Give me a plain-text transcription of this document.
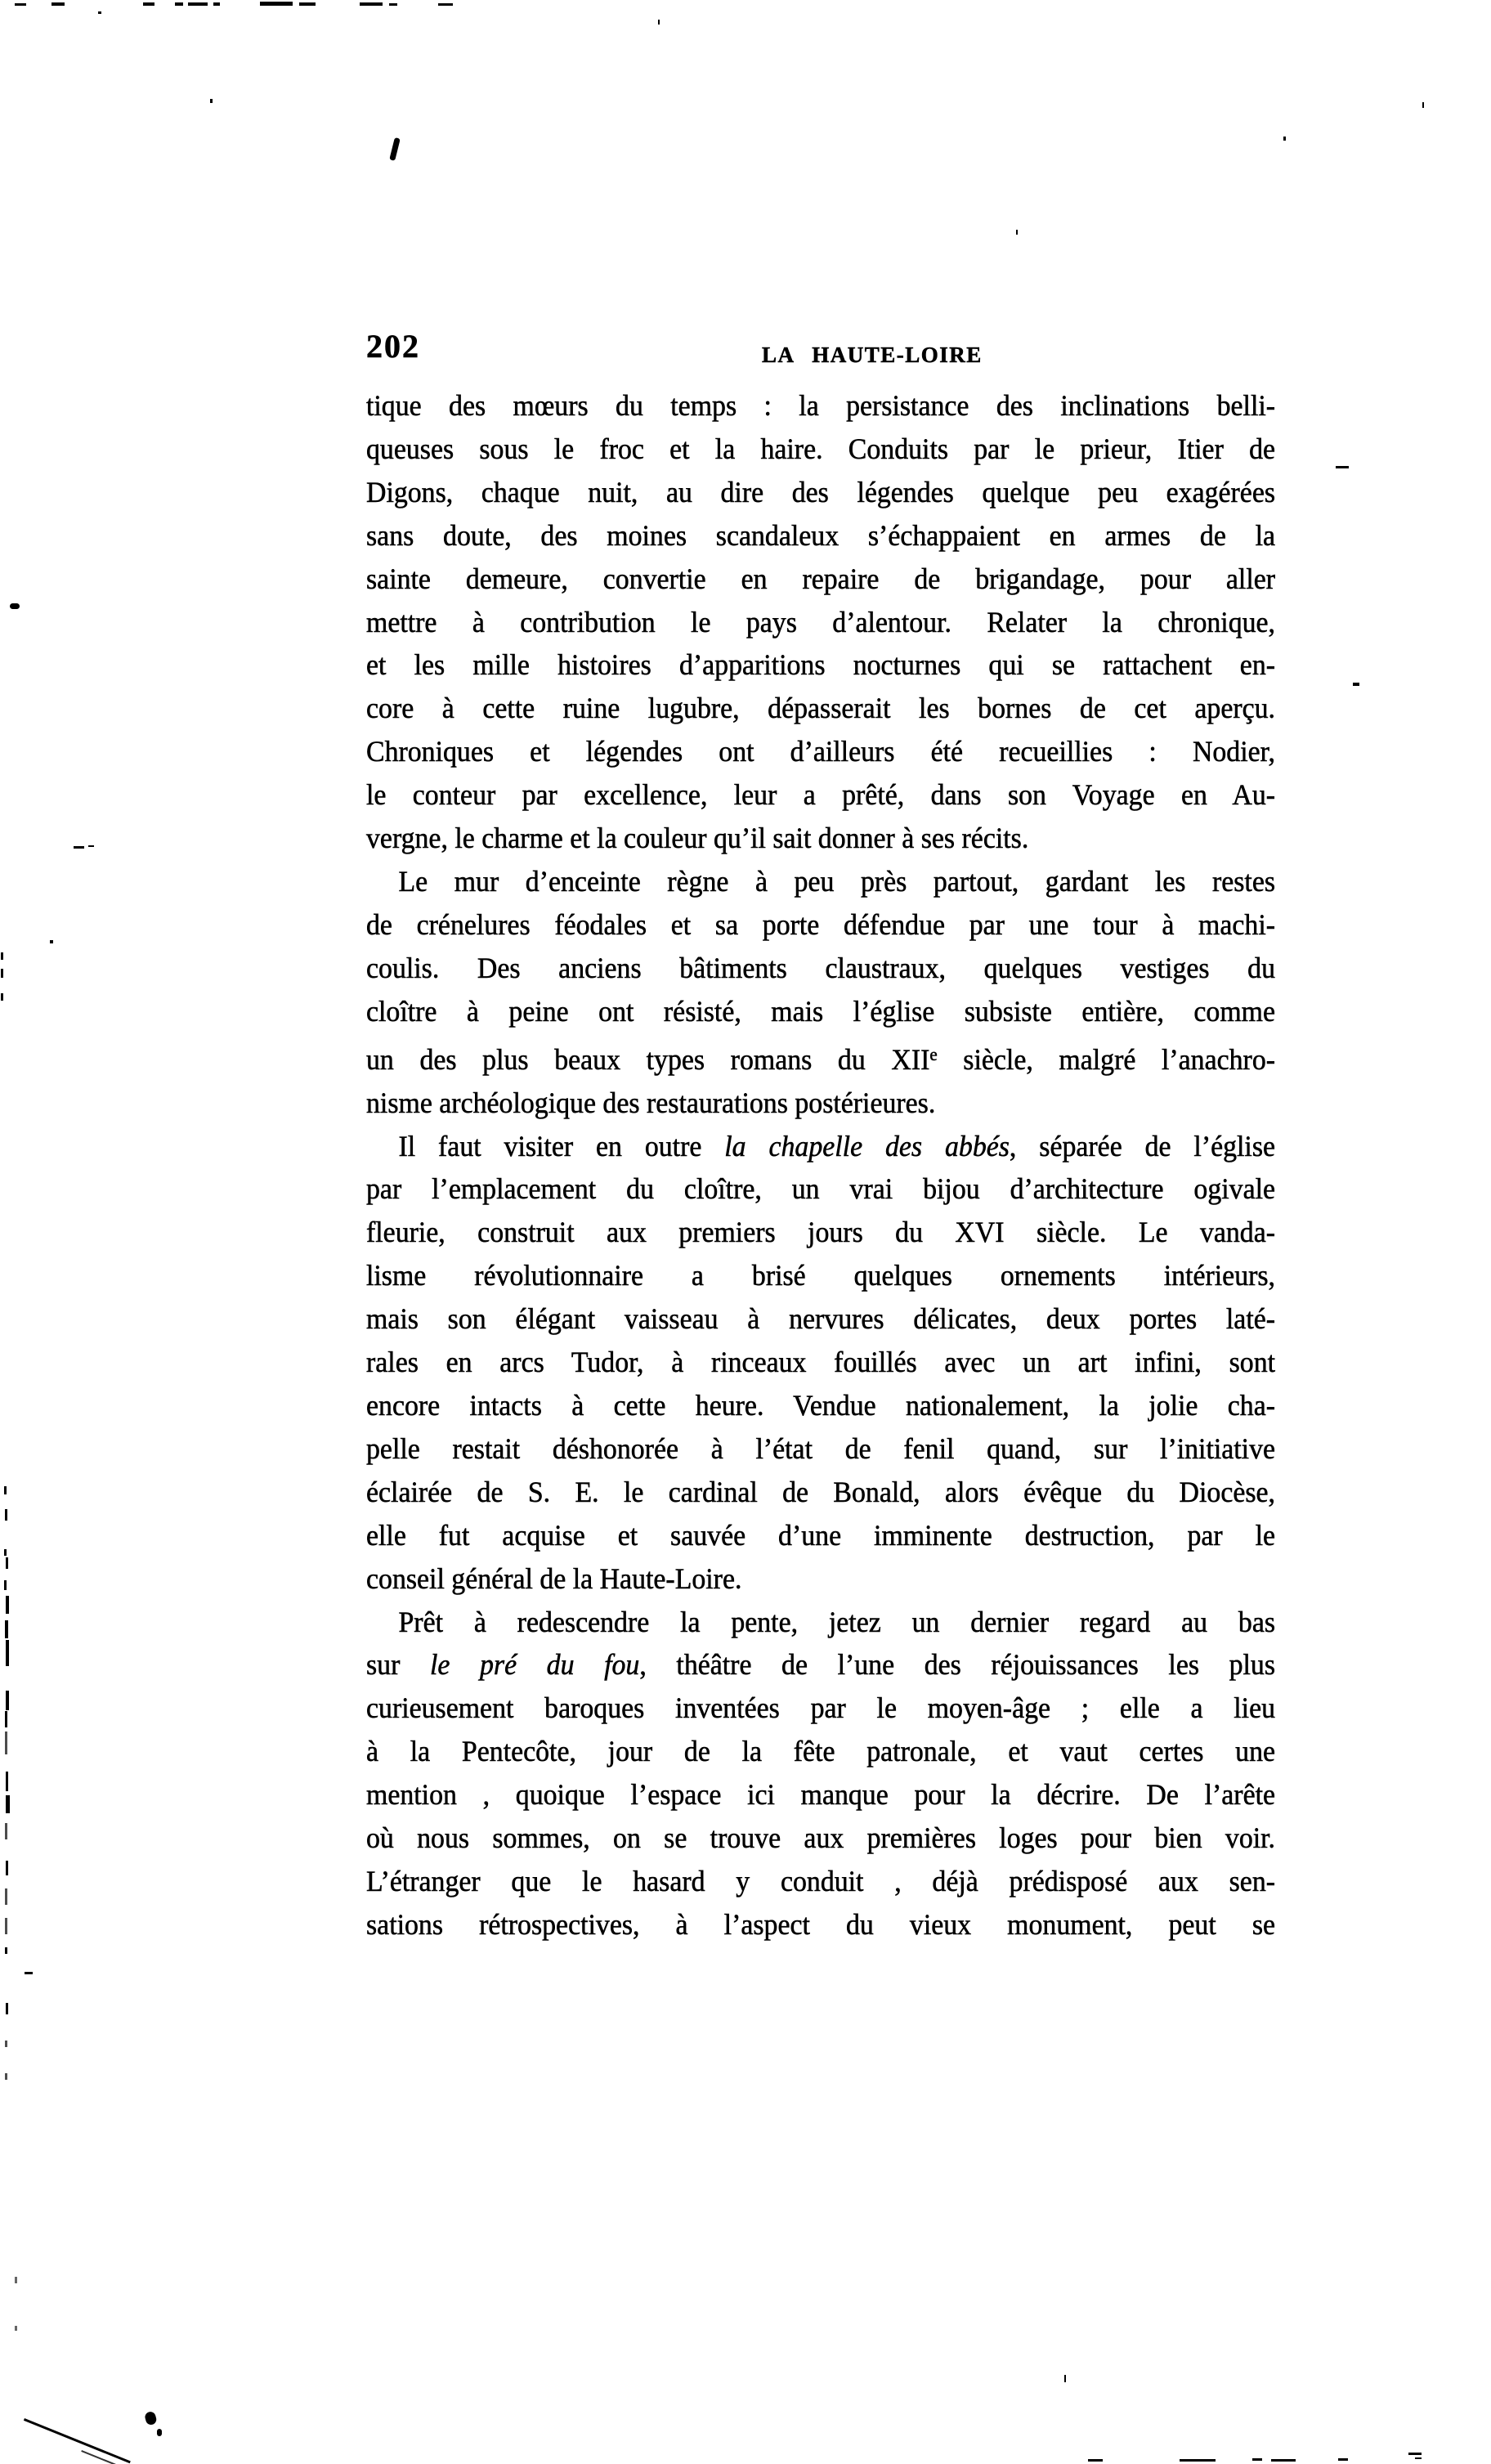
202	LA HAUTE-LOIRE
tique des mœurs du temps : la persistance des inclinations belli-
queuses sous le froc et la haire. Conduits par le prieur, Itier de
Digons, chaque nuit, au dire des légendes quelque peu exagérées
sans doute, des moines scandaleux s’échappaient en armes de la
sainte demeure, convertie en repaire de brigandage, pour aller
mettre à contribution le pays d’alentour. Relater la chronique,
et les mille histoires d’apparitions nocturnes qui se rattachent en-
core à cette ruine lugubre, dépasserait les bornes de cet aperçu.
Chroniques et légendes ont d’ailleurs été recueillies : Nodier,
le conteur par excellence, leur a prêté, dans son Voyage en Au-
vergne, le charme et la couleur qu’il sait donner à ses récits.
Le mur d’enceinte règne à peu près partout, gardant les restes
de crénelures féodales et sa porte défendue par une tour à machi-
coulis. Des anciens bâtiments claustraux, quelques vestiges du
cloître à peine ont résisté, mais l’église subsiste entière, comme
un des plus beaux types romans du XIIe siècle, malgré l’anachro-
nisme archéologique des restaurations postérieures.
Il faut visiter en outre la chapelle des abbés, séparée de l’église
par l’emplacement du cloître, un vrai bijou d’architecture ogivale
fleurie, construit aux premiers jours du XVI siècle. Le vanda-
lisme révolutionnaire a brisé quelques ornements intérieurs,
mais son élégant vaisseau à nervures délicates, deux portes laté-
rales en arcs Tudor, à rinceaux fouillés avec un art infini, sont
encore intacts à cette heure. Vendue nationalement, la jolie cha-
pelle restait déshonorée à l’état de fenil quand, sur l’initiative
éclairée de S. E. le cardinal de Bonald, alors évêque du Diocèse,
elle fut acquise et sauvée d’une imminente destruction, par le
conseil général de la Haute-Loire.
Prêt à redescendre la pente, jetez un dernier regard au bas
sur le pré du fou, théâtre de l’une des réjouissances les plus
curieusement baroques inventées par le moyen-âge ; elle a lieu
à la Pentecôte, jour de la fête patronale, et vaut certes une
mention , quoique l’espace ici manque pour la décrire. De l’arête
où nous sommes, on se trouve aux premières loges pour bien voir.
L’étranger que le hasard y conduit , déjà prédisposé aux sen-
sations rétrospectives, à l’aspect du vieux monument, peut se
